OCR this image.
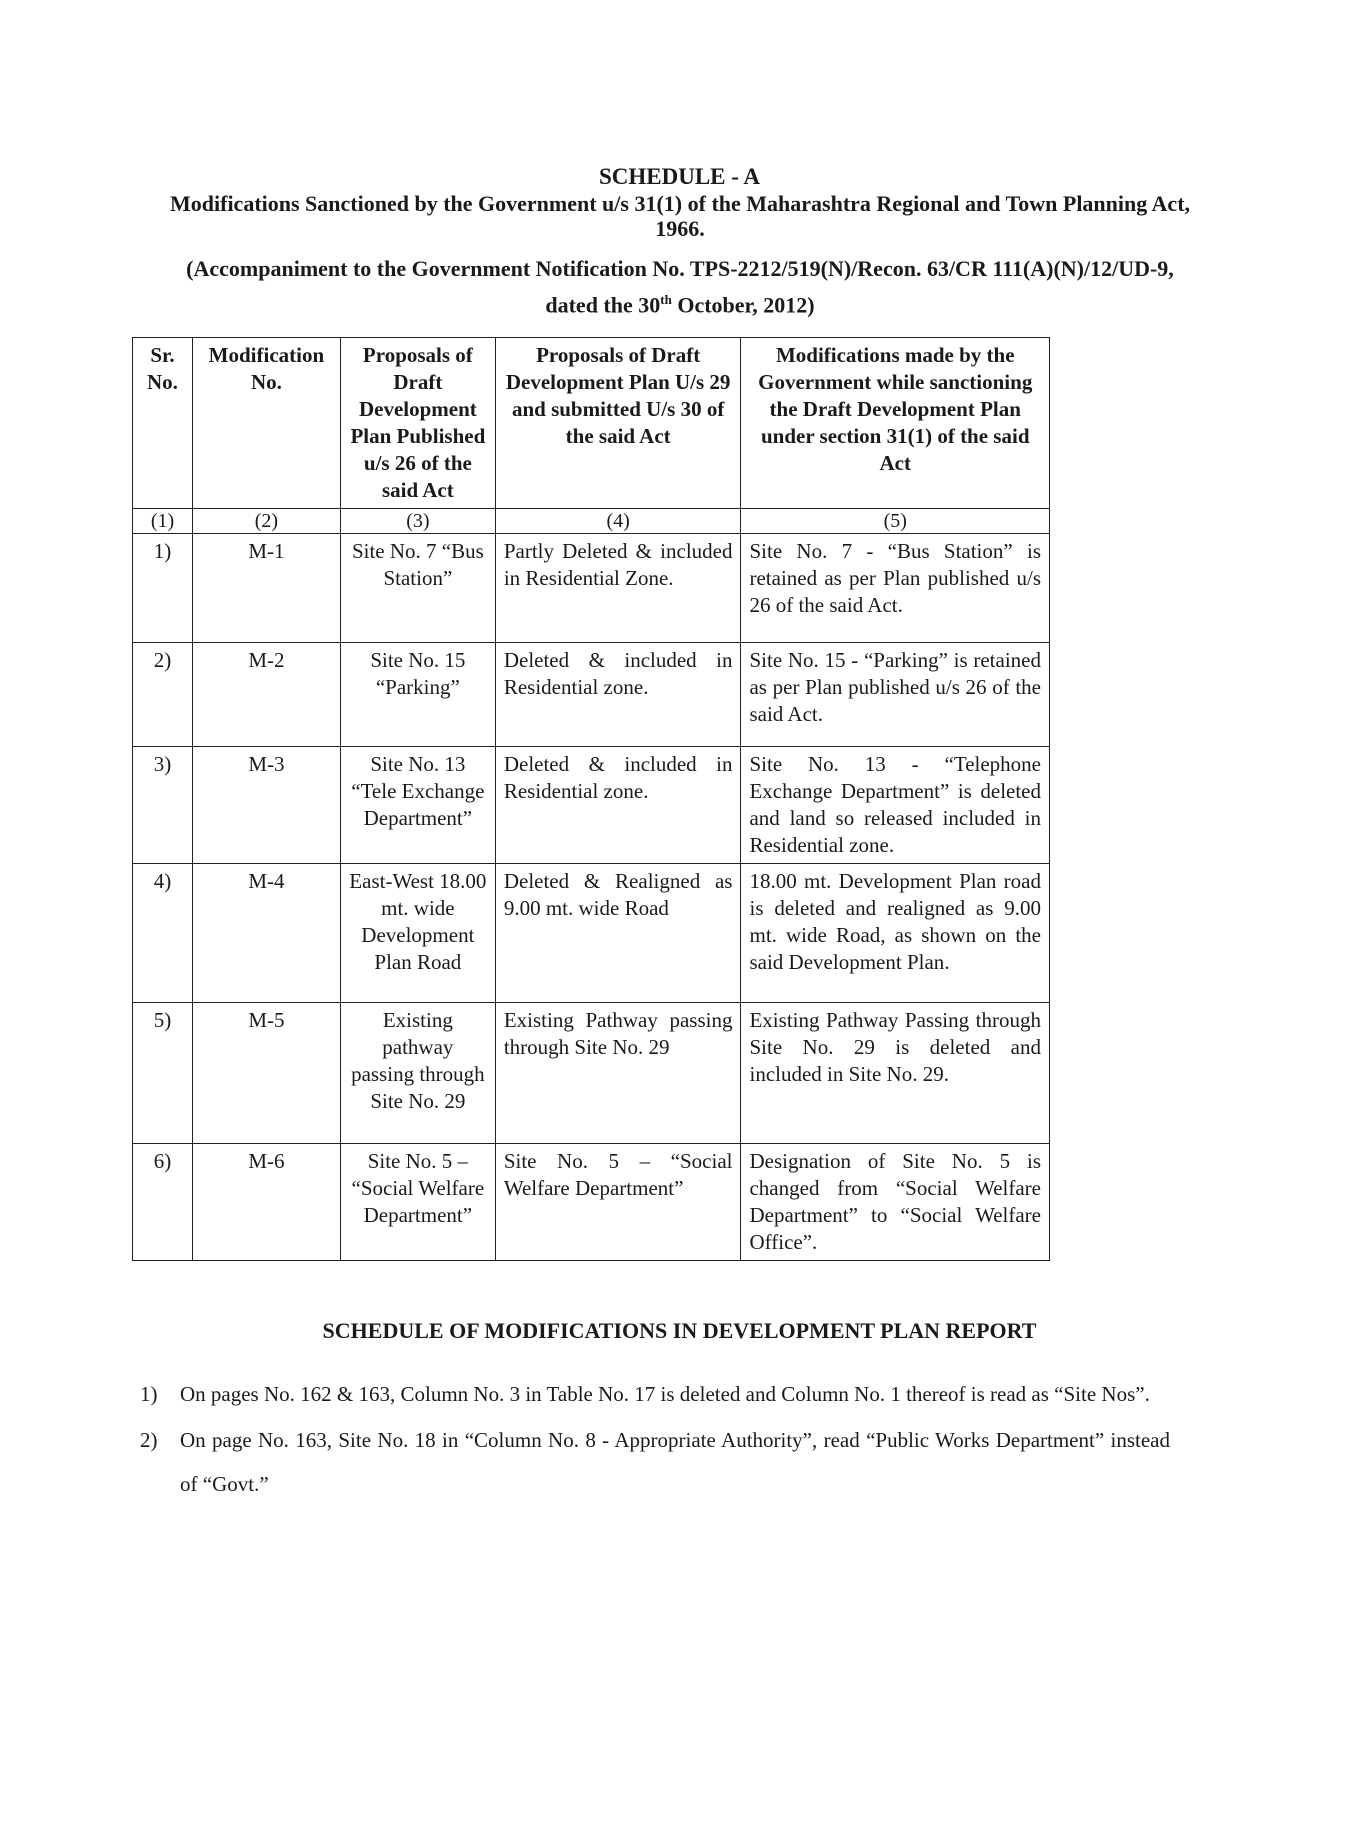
SCHEDULE - A
Modifications Sanctioned by the Government u/s 31(1) of the Maharashtra Regional and Town Planning Act, 1966.
(Accompaniment to the Government Notification No. TPS-2212/519(N)/Recon. 63/CR 111(A)(N)/12/UD-9, dated the 30th October, 2012)
Sr. No.	Modification No.	Proposals of Draft Development Plan Published u/s 26 of the said Act	Proposals of Draft Development Plan U/s 29 and submitted U/s 30 of the said Act	Modifications made by the Government while sanctioning the Draft Development Plan under section 31(1) of the said Act
(1)	(2)	(3)	(4)	(5)
1)	M-1	Site No. 7 “Bus Station”	Partly Deleted & included in Residential Zone.	Site No. 7 - “Bus Station” is retained as per Plan published u/s 26 of the said Act.
2)	M-2	Site No. 15 “Parking”	Deleted & included in Residential zone.	Site No. 15 - “Parking” is retained as per Plan published u/s 26 of the said Act.
3)	M-3	Site No. 13 “Tele Exchange Department”	Deleted & included in Residential zone.	Site No. 13 - “Telephone Exchange Department” is deleted and land so released included in Residential zone.
4)	M-4	East-West 18.00 mt. wide Development Plan Road	Deleted & Realigned as 9.00 mt. wide Road	18.00 mt. Development Plan road is deleted and realigned as 9.00 mt. wide Road, as shown on the said Development Plan.
5)	M-5	Existing pathway passing through Site No. 29	Existing Pathway passing through Site No. 29	Existing Pathway Passing through Site No. 29 is deleted and included in Site No. 29.
6)	M-6	Site No. 5 – “Social Welfare Department”	Site No. 5 – “Social Welfare Department”	Designation of Site No. 5 is changed from “Social Welfare Department” to “Social Welfare Office”.
SCHEDULE OF MODIFICATIONS IN DEVELOPMENT PLAN REPORT
1) On pages No. 162 & 163, Column No. 3 in Table No. 17 is deleted and Column No. 1 thereof is read as “Site Nos”.
2) On page No. 163, Site No. 18 in “Column No. 8 - Appropriate Authority”, read “Public Works Department” instead of “Govt.”
